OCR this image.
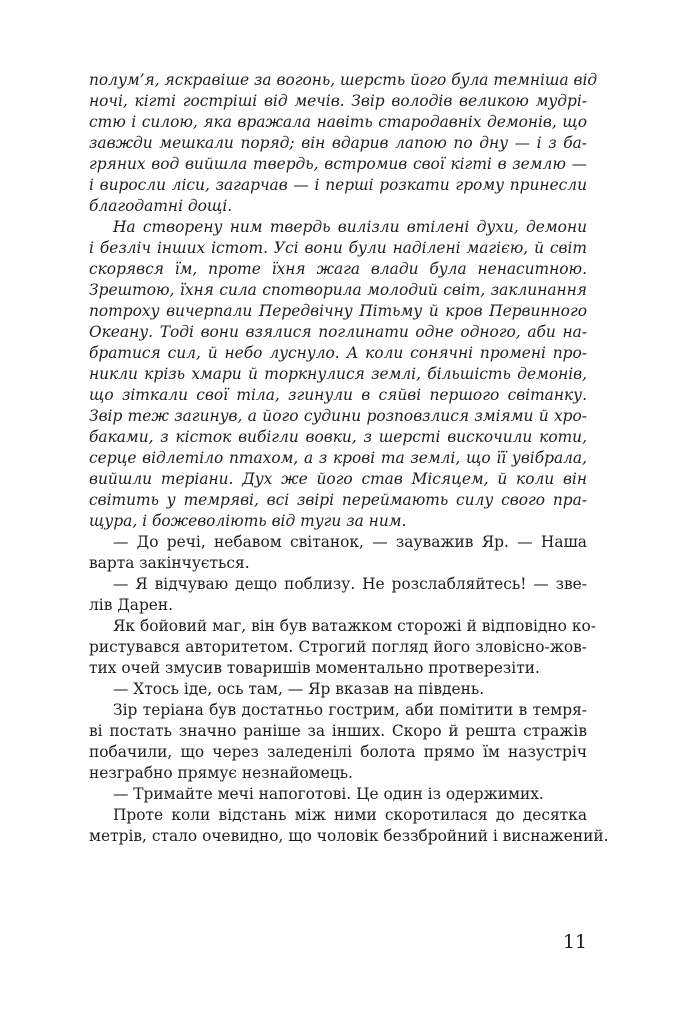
полум’я, яскравіше за вогонь, шерсть його була темніша від
ночі, кігті гостріші від мечів. Звір володів великою мудрі-
стю і силою, яка вражала навіть стародавніх демонів, що
завжди мешкали поряд; він вдарив лапою по дну — і з ба-
гряних вод вийшла твердь, встромив свої кігті в землю —
і виросли ліси, загарчав — і перші розкати грому принесли
благодатні дощі.
На створену ним твердь вилізли втілені духи, демони
і безліч інших істот. Усі вони були наділені магією, й світ
скорявся їм, проте їхня жага влади була ненаситною.
Зрештою, їхня сила спотворила молодий світ, заклинання
потроху вичерпали Передвічну Пітьму й кров Первинного
Океану. Тоді вони взялися поглинати одне одного, аби на-
братися сил, й небо луснуло. А коли сонячні промені про-
никли крізь хмари й торкнулися землі, більшість демонів,
що зіткали свої тіла, згинули в сяйві першого світанку.
Звір теж загинув, а його судини розповзлися зміями й хро-
баками, з кісток вибігли вовки, з шерсті вискочили коти,
серце відлетіло птахом, а з крові та землі, що її увібрала,
вийшли теріани. Дух же його став Місяцем, й коли він
світить у темряві, всі звірі переймають силу свого пра-
щура, і божеволіють від туги за ним.
— До речі, небавом світанок, — зауважив Яр. — Наша
варта закінчується.
— Я відчуваю дещо поблизу. Не розслабляйтесь! — зве-
лів Дарен.
Як бойовий маг, він був ватажком сторожі й відповідно ко-
ристувався авторитетом. Строгий погляд його зловісно-жов-
тих очей змусив товаришів моментально протверезіти.
— Хтось іде, ось там, — Яр вказав на південь.
Зір теріана був достатньо гострим, аби помітити в темря-
ві постать значно раніше за інших. Скоро й решта стражів
побачили, що через заледенілі болота прямо їм назустріч
незграбно прямує незнайомець.
— Тримайте мечі напоготові. Це один із одержимих.
Проте коли відстань між ними скоротилася до десятка
метрів, стало очевидно, що чоловік беззбройний і виснажений.
11
